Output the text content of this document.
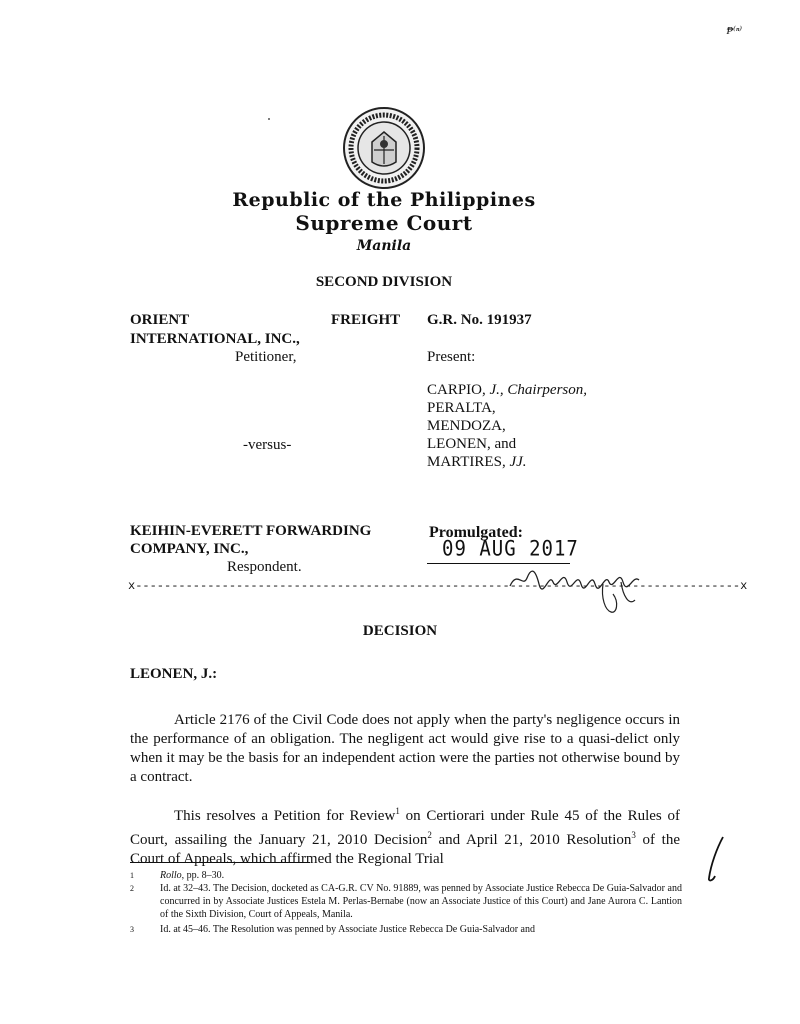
₱⁽ⁿ⁾
Republic of the Philippines
Supreme Court
Manila
SECOND DIVISION
ORIENT	FREIGHT
INTERNATIONAL, INC.,
Petitioner,
G.R. No. 191937
Present:
CARPIO, J., Chairperson,
PERALTA,
MENDOZA,
LEONEN, and
MARTIRES, JJ.
-versus-
KEIHIN-EVERETT FORWARDING
COMPANY, INC.,
Respondent.
Promulgated:
09 AUG 2017
x------------------------------------------------------------------------------------x
DECISION
LEONEN, J.:
Article 2176 of the Civil Code does not apply when the party's negligence occurs in the performance of an obligation. The negligent act would give rise to a quasi-delict only when it may be the basis for an independent action were the parties not otherwise bound by a contract.
This resolves a Petition for Review$^1$ on Certiorari under Rule 45 of the Rules of Court, assailing the January 21, 2010 Decision$^2$ and April 21, 2010 Resolution$^3$ of the Court of Appeals, which affirmed the Regional Trial
1	Rollo, pp. 8–30.
2	Id. at 32–43. The Decision, docketed as CA-G.R. CV No. 91889, was penned by Associate Justice Rebecca De Guia-Salvador and concurred in by Associate Justices Estela M. Perlas-Bernabe (now an Associate Justice of this Court) and Jane Aurora C. Lantion of the Sixth Division, Court of Appeals, Manila.
3	Id. at 45–46. The Resolution was penned by Associate Justice Rebecca De Guia-Salvador and
